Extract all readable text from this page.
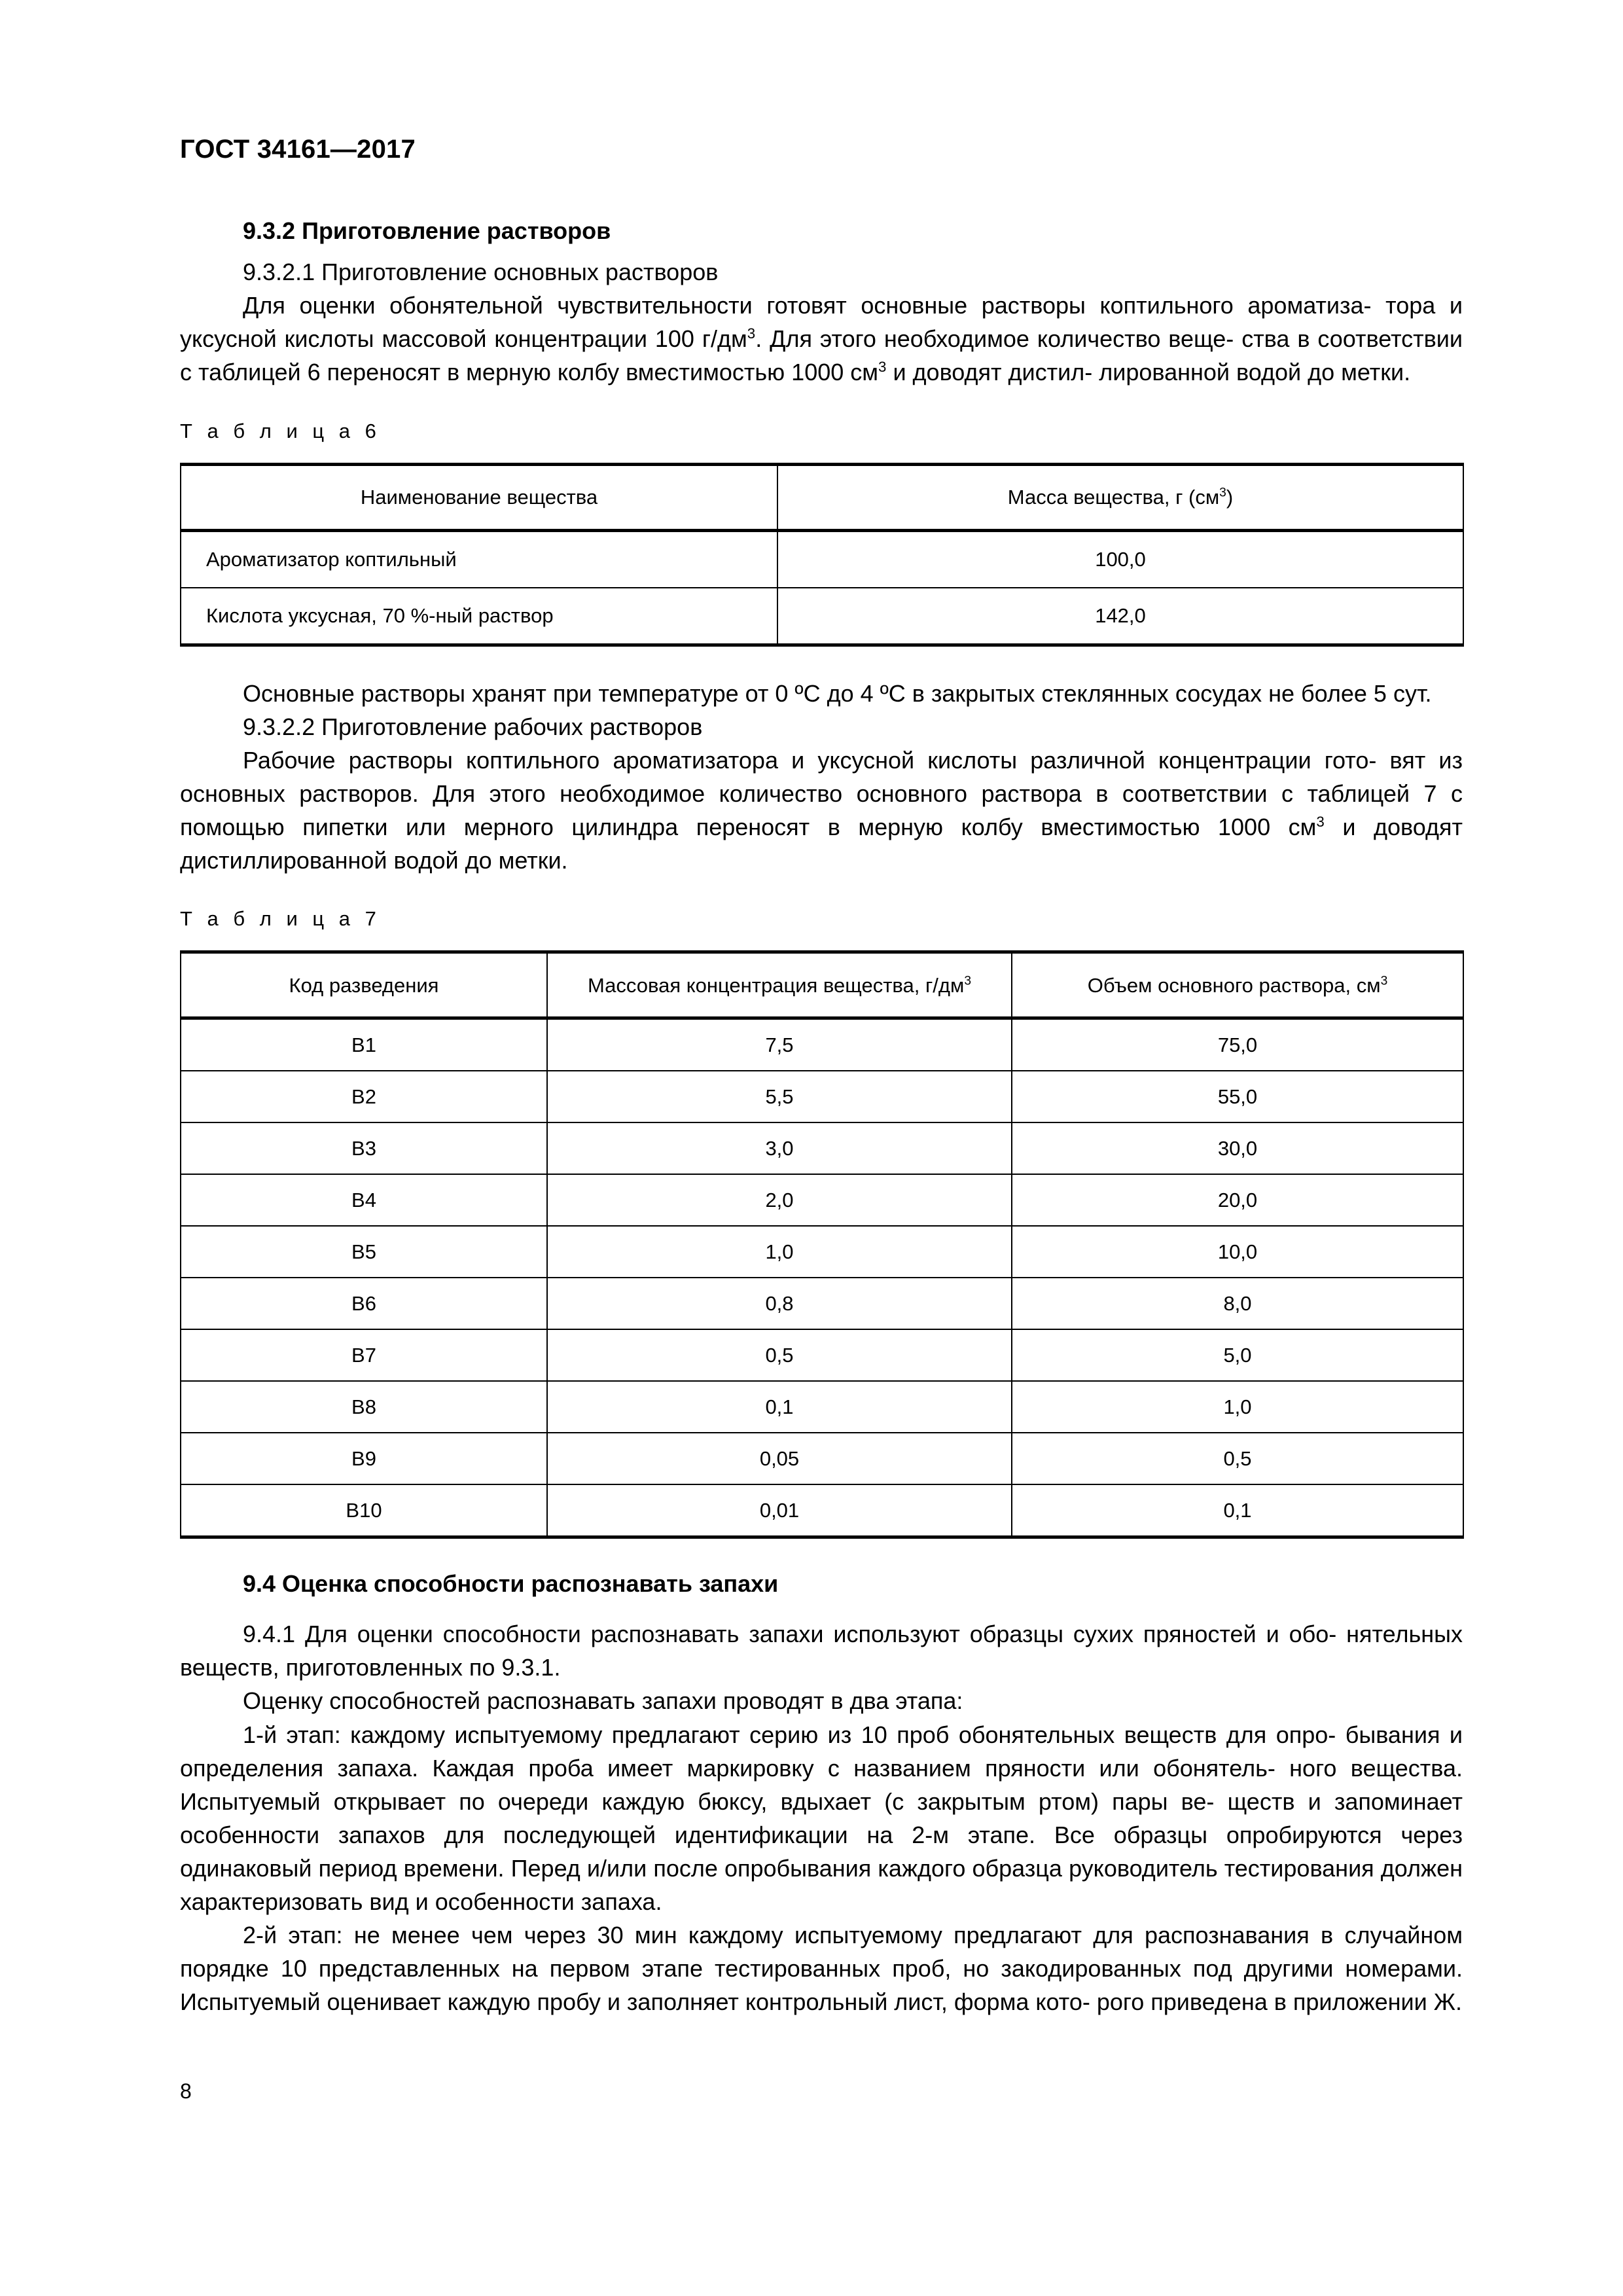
ГОСТ 34161—2017
9.3.2 Приготовление растворов
9.3.2.1 Приготовление основных растворов

Для оценки обонятельной чувствительности готовят основные растворы коптильного ароматиза- тора и уксусной кислоты массовой концентрации 100 $г/дм^3$. Для этого необходимое количество веще- ства в соответствии с таблицей 6 переносят в мерную колбу вместимостью 1000 $см^3$ и доводят дистил- лированной водой до метки.

Т а б л и ц а 6

Наименование вещества	Масса вещества, г $(см^3)$
Ароматизатор коптильный	100,0
Кислота уксусная, 70 %-ный раствор	142,0

Основные растворы хранят при температуре от 0 ºС до 4 ºС в закрытых стеклянных сосудах не более 5 сут.

9.3.2.2 Приготовление рабочих растворов

Рабочие растворы коптильного ароматизатора и уксусной кислоты различной концентрации гото- вят из основных растворов. Для этого необходимое количество основного раствора в соответствии с таблицей 7 с помощью пипетки или мерного цилиндра переносят в мерную колбу вместимостью 1000 $см^3$ и доводят дистиллированной водой до метки.

Т а б л и ц а 7

Код разведения	Массовая концентрация вещества, $г/дм^3$	Объем основного раствора, $см^3$
B1	7,5	75,0
B2	5,5	55,0
B3	3,0	30,0
B4	2,0	20,0
B5	1,0	10,0
B6	0,8	8,0
B7	0,5	5,0
B8	0,1	1,0
B9	0,05	0,5
B10	0,01	0,1
9.4 Оценка способности распознавать запахи

9.4.1 Для оценки способности распознавать запахи используют образцы сухих пряностей и обо- нятельных веществ, приготовленных по 9.3.1.

Оценку способностей распознавать запахи проводят в два этапа:

1-й этап: каждому испытуемому предлагают серию из 10 проб обонятельных веществ для опро- бывания и определения запаха. Каждая проба имеет маркировку с названием пряности или обонятель- ного вещества. Испытуемый открывает по очереди каждую бюксу, вдыхает (с закрытым ртом) пары ве- ществ и запоминает особенности запахов для последующей идентификации на 2-м этапе. Все образцы опробируются через одинаковый период времени. Перед и/или после опробывания каждого образца руководитель тестирования должен характеризовать вид и особенности запаха.

2-й этап: не менее чем через 30 мин каждому испытуемому предлагают для распознавания в случайном порядке 10 представленных на первом этапе тестированных проб, но закодированных под другими номерами. Испытуемый оценивает каждую пробу и заполняет контрольный лист, форма кото- рого приведена в приложении Ж.

8
